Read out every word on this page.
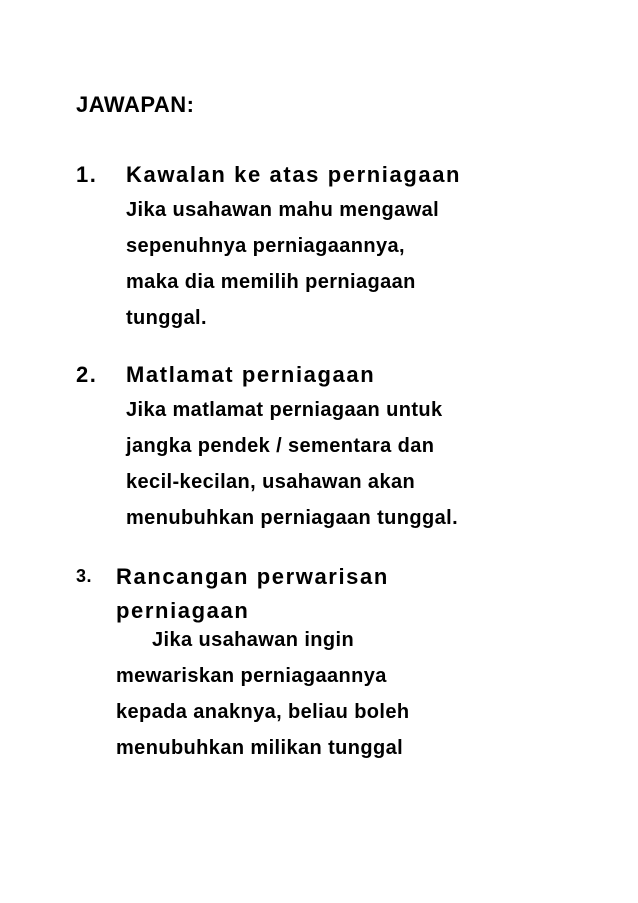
JAWAPAN:
1. Kawalan ke atas perniagaan
Jika usahawan mahu mengawal
sepenuhnya perniagaannya,
maka dia memilih perniagaan
tunggal.
2. Matlamat perniagaan
Jika matlamat perniagaan untuk
jangka pendek / sementara dan
kecil-kecilan, usahawan akan
menubuhkan perniagaan tunggal.
3. Rancangan perwarisan
perniagaan
Jika usahawan ingin
mewariskan perniagaannya
kepada anaknya, beliau boleh
menubuhkan milikan tunggal
